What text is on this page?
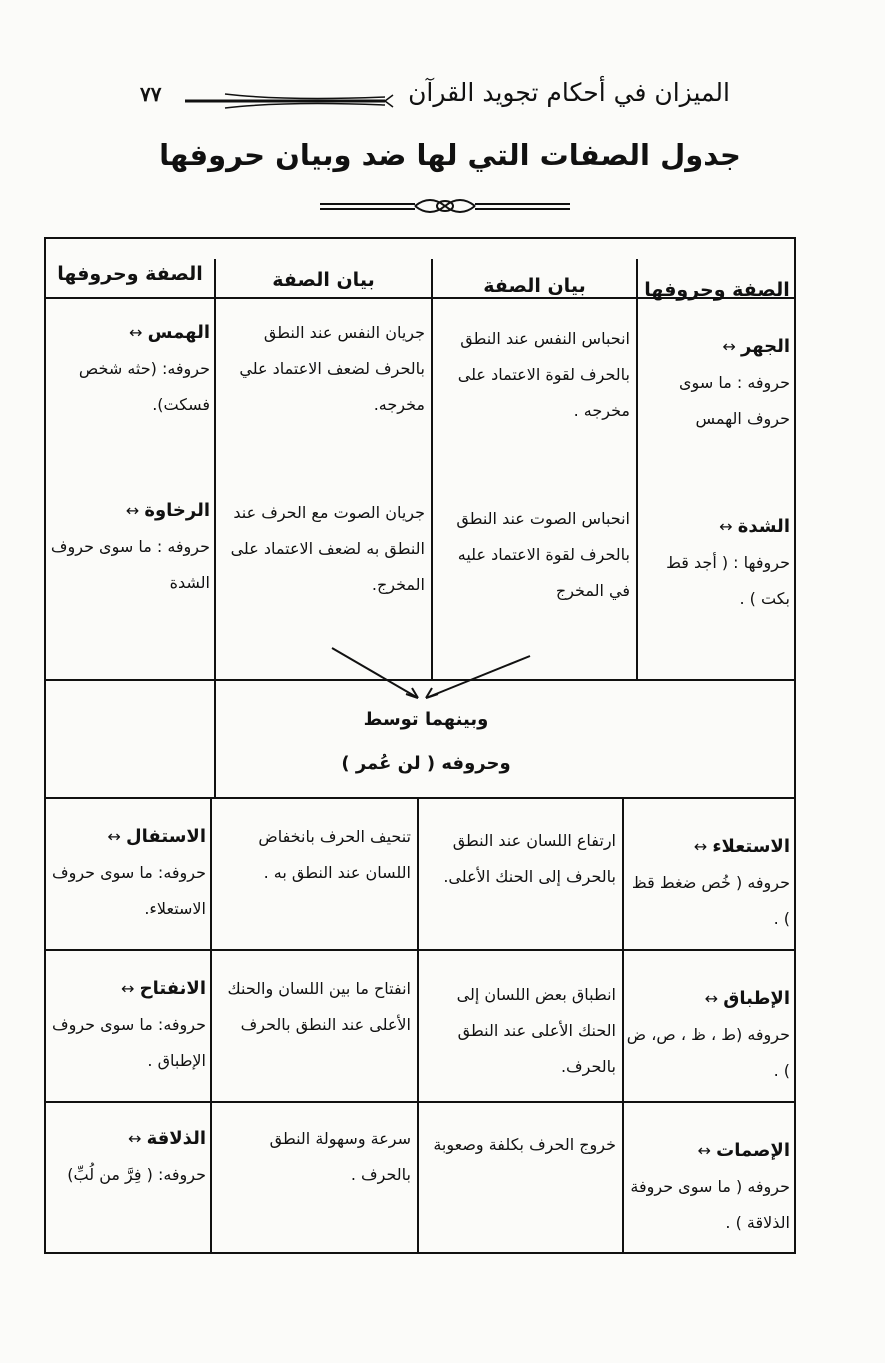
٧٧	الميزان في أحكام تجويد القرآن
جدول الصفات التي لها ضد وبيان حروفها
الصفة وحروفها
بيان الصفة
بيان الصفة
الصفة وحروفها
الجهر ↔
حروفه : ما سوى حروف الهمس
انحباس النفس عند النطق بالحرف لقوة الاعتماد على مخرجه .
جريان النفس عند النطق بالحرف لضعف الاعتماد علي مخرجه.
الهمس ↔
حروفه: (حثه شخص فسكت).
الشدة ↔
حروفها : ( أجد قط بكت ) .
انحباس الصوت عند النطق بالحرف لقوة الاعتماد عليه في المخرج
جريان الصوت مع الحرف عند النطق به لضعف الاعتماد على المخرج.
الرخاوة ↔
حروفه : ما سوى حروف الشدة
وبينهما توسط
وحروفه ( لن عُمر )
الاستعلاء ↔
حروفه ( خُص ضغط قظ ) .
ارتفاع اللسان عند النطق بالحرف إلى الحنك الأعلى.
تنحيف الحرف بانخفاض اللسان عند النطق به .
الاستفال ↔
حروفه: ما سوى حروف الاستعلاء.
الإطباق ↔
حروفه (ط ، ظ ، ص، ض ) .
انطباق بعض اللسان إلى الحنك الأعلى عند النطق بالحرف.
انفتاح ما بين اللسان والحنك الأعلى عند النطق بالحرف
الانفتاح ↔
حروفه: ما سوى حروف الإطباق .
الإصمات ↔
حروفه ( ما سوى حروفة الذلاقة ) .
خروج الحرف بكلفة وصعوبة
سرعة وسهولة النطق بالحرف .
الذلاقة ↔
حروفه: ( فِرَّ من لُبِّ)
